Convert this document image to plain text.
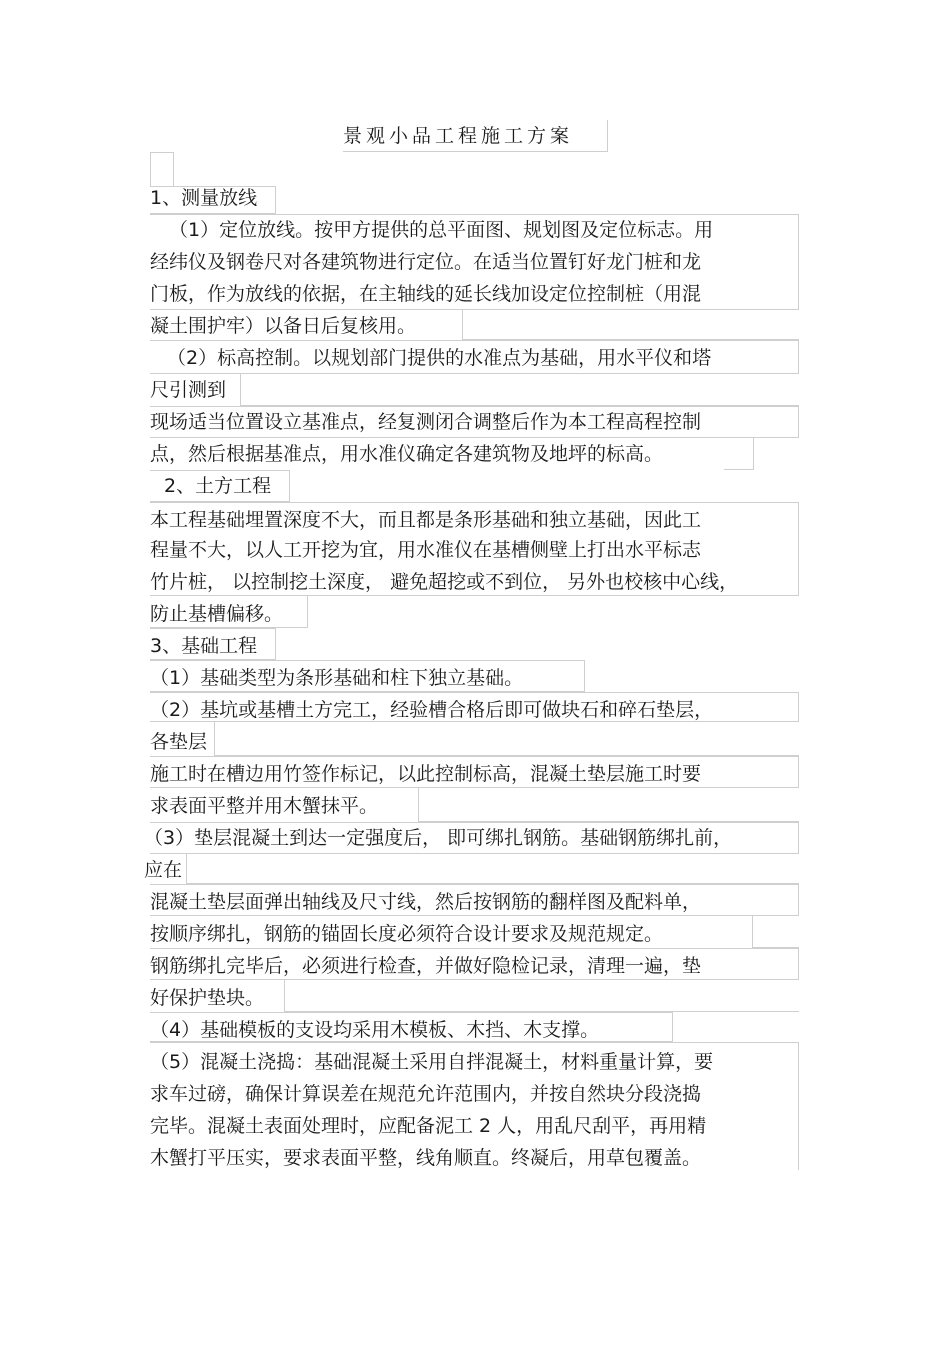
景观小品工程施工方案
1、测量放线
（1）定位放线。按甲方提供的总平面图、规划图及定位标志。用
经纬仪及钢卷尺对各建筑物进行定位。在适当位置钉好龙门桩和龙
门板，作为放线的依据，在主轴线的延长线加设定位控制桩（用混
凝土围护牢）以备日后复核用。
（2）标高控制。以规划部门提供的水准点为基础，用水平仪和塔
尺引测到
现场适当位置设立基准点，经复测闭合调整后作为本工程高程控制
点，然后根据基准点，用水准仪确定各建筑物及地坪的标高。
2、土方工程
本工程基础埋置深度不大，而且都是条形基础和独立基础，因此工
程量不大，以人工开挖为宜，用水准仪在基槽侧壁上打出水平标志
竹片桩， 以控制挖土深度， 避免超挖或不到位， 另外也校核中心线，
防止基槽偏移。
3、基础工程
（1）基础类型为条形基础和柱下独立基础。
（2）基坑或基槽土方完工，经验槽合格后即可做块石和碎石垫层，
各垫层
施工时在槽边用竹签作标记，以此控制标高，混凝土垫层施工时要
求表面平整并用木蟹抹平。
（3）垫层混凝土到达一定强度后， 即可绑扎钢筋。基础钢筋绑扎前，
应在
混凝土垫层面弹出轴线及尺寸线，然后按钢筋的翻样图及配料单，
按顺序绑扎，钢筋的锚固长度必须符合设计要求及规范规定。
钢筋绑扎完毕后，必须进行检查，并做好隐检记录，清理一遍，垫
好保护垫块。
（4）基础模板的支设均采用木模板、木挡、木支撑。
（5）混凝土浇捣：基础混凝土采用自拌混凝土，材料重量计算，要
求车过磅，确保计算误差在规范允许范围内，并按自然块分段浇捣
完毕。混凝土表面处理时，应配备泥工 2 人，用乱尺刮平，再用精
木蟹打平压实，要求表面平整，线角顺直。终凝后，用草包覆盖。
